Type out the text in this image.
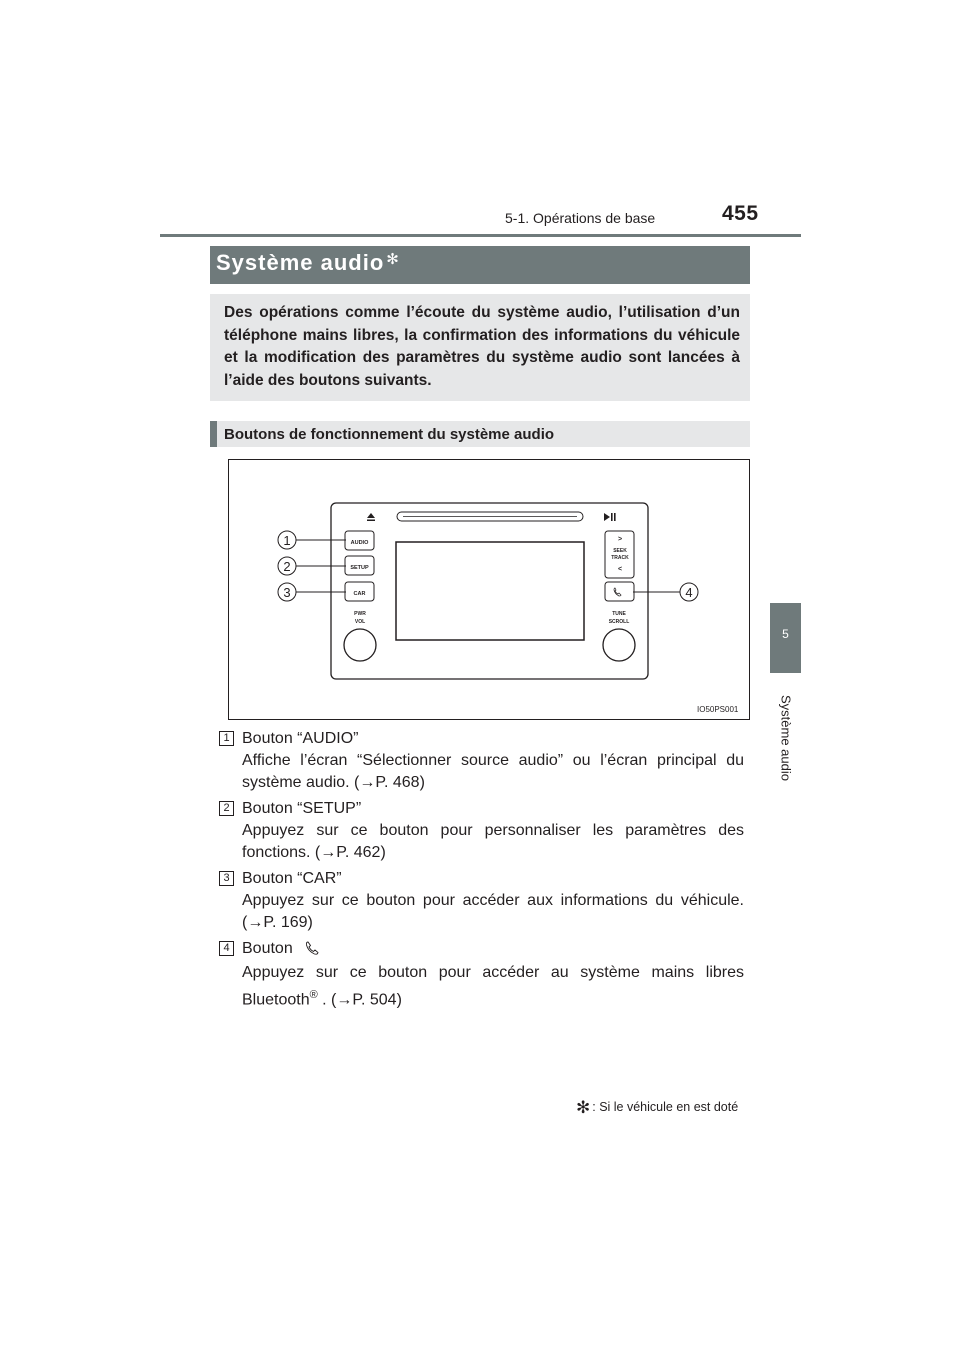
5-1. Opérations de base	455
5
Système audio
Système audio ✻
Des opérations comme l’écoute du système audio, l’utilisation d’un téléphone mains libres, la confirmation des informations du véhicule et la modification des paramètres du système audio sont lancées à l’aide des boutons suivants.
Boutons de fonctionnement du système audio
AUDIO
SETUP
CAR
PWR
VOL
>
SEEK
TRACK
<
TUNE
SCROLL
1
2
3	4
IO50PS001
1 Bouton “AUDIO”
Affiche l’écran “Sélectionner source audio” ou l’écran principal du système audio. (→P. 468)
2 Bouton “SETUP”
Appuyez sur ce bouton pour personnaliser les paramètres des fonctions. (→P. 462)
3 Bouton “CAR”
Appuyez sur ce bouton pour accéder aux informations du véhicule. (→P. 169)
4 Bouton
Appuyez sur ce bouton pour accéder au système mains libres Bluetooth® . (→P. 504)
✻ : Si le véhicule en est doté
